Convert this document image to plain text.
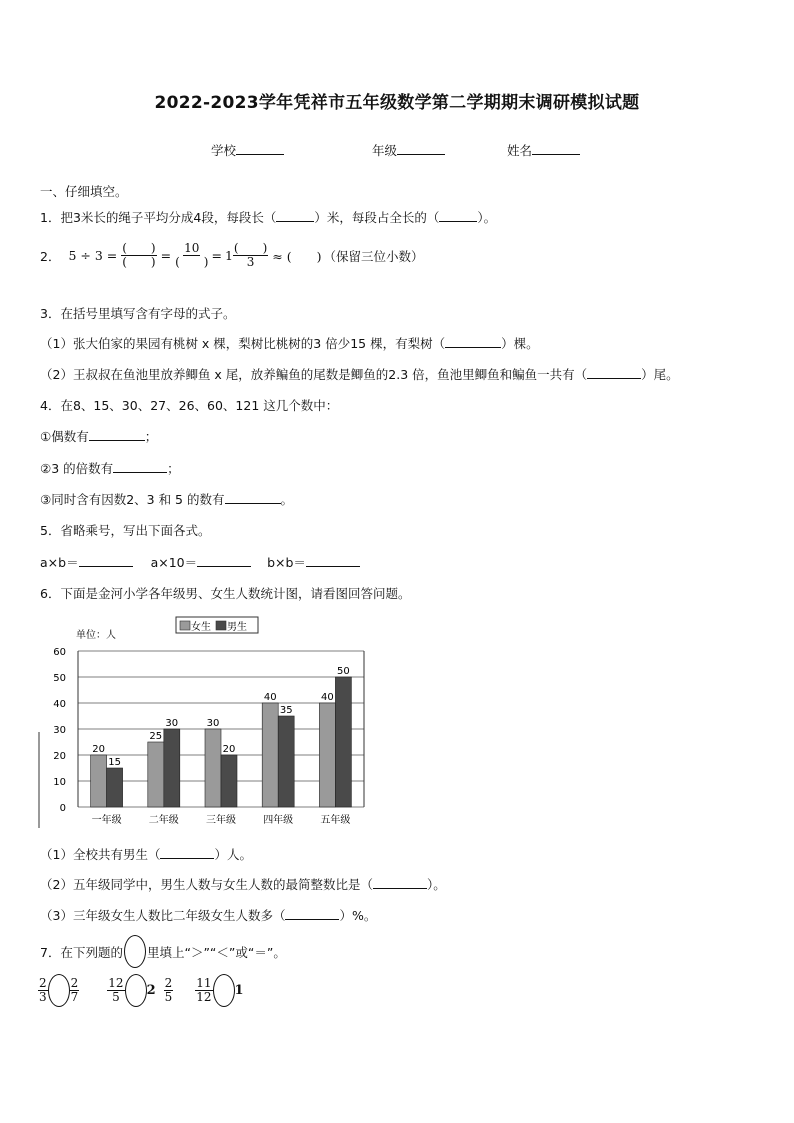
2022-2023学年凭祥市五年级数学第二学期期末调研模拟试题
学校	年级	姓名
一、仔细填空。
1．把3米长的绳子平均分成4段，每段长（	）米，每段占全长的（	）。
2． $5 \div 3 = \frac{( )}{( )} = \frac{10}{( )} = 1 \frac{( )}{3}$ ≈ (　　) （保留三位小数）
3．在括号里填写含有字母的式子。
（1）张大伯家的果园有桃树 x 棵，梨树比桃树的3 倍少15 棵，有梨树（	）棵。
（2）王叔叔在鱼池里放养鲫鱼 x 尾，放养鳊鱼的尾数是鲫鱼的2.3 倍，鱼池里鲫鱼和鳊鱼一共有（	）尾。
4．在8、15、30、27、26、60、121 这几个数中：
①偶数有	；
②3 的倍数有	；
③同时含有因数2、3 和 5 的数有	。
5．省略乘号，写出下面各式。
a×b＝	a×10＝	b×b＝
6．下面是金河小学各年级男、女生人数统计图，请看图回答问题。
单位：人
女生 男生
0
10
20
30
40
50
60
20
15
一年级
25
30
二年级
30
20
三年级
40
35
四年级
40
50
五年级
（1）全校共有男生（	）人。
（2）五年级同学中，男生人数与女生人数的最简整数比是（	）。
（3）三年级女生人数比二年级女生人数多（	）%。
7． 在下列题的 里填上“＞”“＜”或“＝”。
$\frac{2}{3} \frac{2}{7} \frac{12}{5} 2 \frac{2}{5} \frac{11}{12} 1$
